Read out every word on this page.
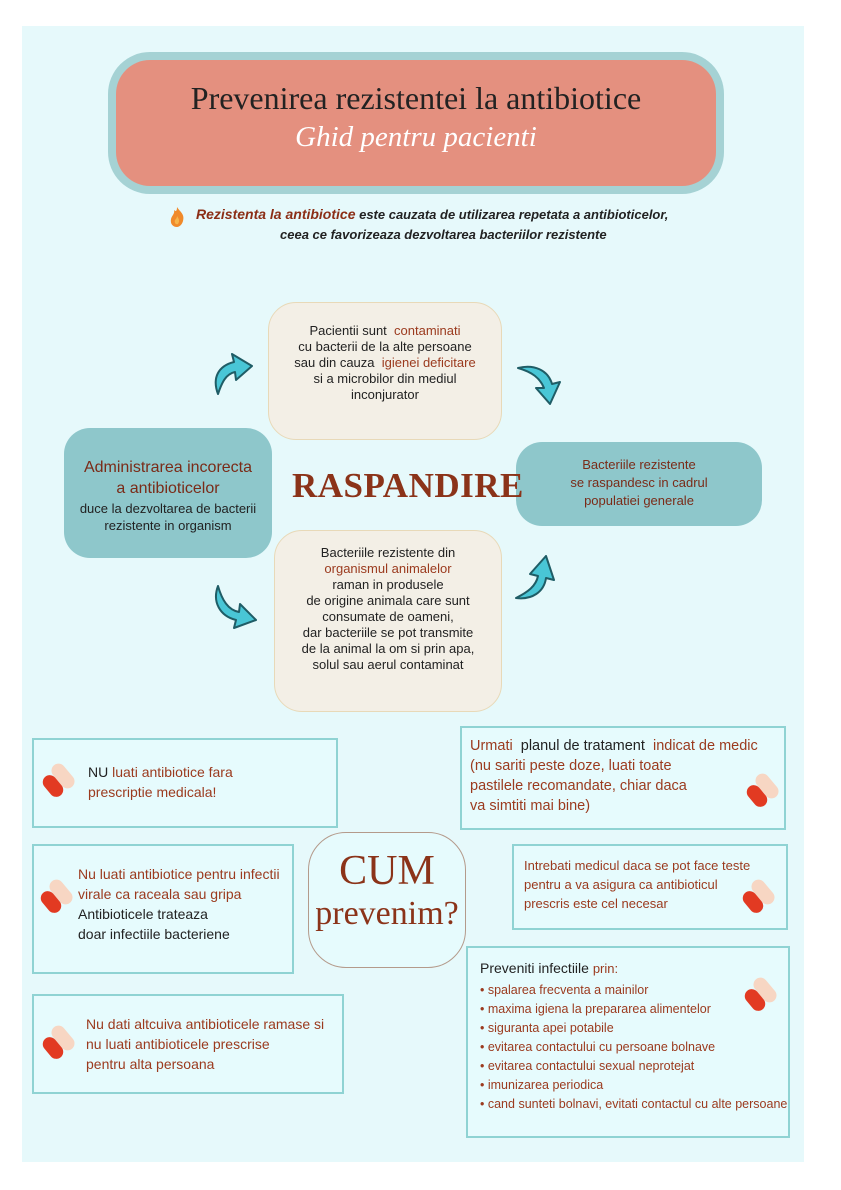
Prevenirea rezistentei la antibiotice
Ghid pentru pacienti
Rezistenta la antibiotice este cauzata de utilizarea repetata a antibioticelor,
ceea ce favorizeaza dezvoltarea bacteriilor rezistente
Pacientii sunt contaminati
cu bacterii de la alte persoane
sau din cauza igienei deficitare
si a microbilor din mediul
inconjurator
Administrarea incorecta
a antibioticelor
duce la dezvoltarea de bacterii
rezistente in organism
Bacteriile rezistente
se raspandesc in cadrul
populatiei generale
RASPANDIRE
Bacteriile rezistente din
organismul animalelor
raman in produsele
de origine animala care sunt
consumate de oameni,
dar bacteriile se pot transmite
de la animal la om si prin apa,
solul sau aerul contaminat
NU luati antibiotice fara
prescriptie medicala!
Nu luati antibiotice pentru infectii
virale ca raceala sau gripa
Antibioticele trateaza
doar infectiile bacteriene
Nu dati altcuiva antibioticele ramase si
nu luati antibioticele prescrise
pentru alta persoana
CUM
prevenim?
Urmati planul de tratament indicat de medic
(nu sariti peste doze, luati toate
pastilele recomandate, chiar daca
va simtiti mai bine)
Intrebati medicul daca se pot face teste
pentru a va asigura ca antibioticul
prescris este cel necesar
Preveniti infectiile prin:
• spalarea frecventa a mainilor
• maxima igiena la prepararea alimentelor
• siguranta apei potabile
• evitarea contactului cu persoane bolnave
• evitarea contactului sexual neprotejat
• imunizarea periodica
• cand sunteti bolnavi, evitati contactul cu alte persoane
